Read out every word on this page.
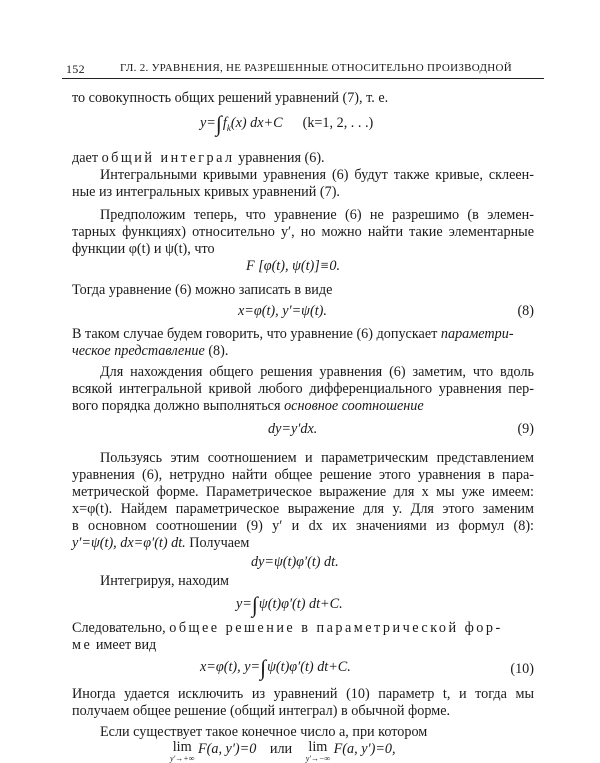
152	ГЛ. 2. УРАВНЕНИЯ, НЕ РАЗРЕШЕННЫЕ ОТНОСИТЕЛЬНО ПРОИЗВОДНОЙ
то совокупность общих решений уравнений (7), т. е.
$y=\int f_k(x)$ dx+C (k=1, 2, . . .)
дает общий интеграл уравнения (6).
Интегральными кривыми уравнения (6) будут также кривые, склеен-
ные из интегральных кривых уравнений (7).
Предположим теперь, что уравнение (6) не разрешимо (в элемен-
тарных функциях) относительно y′, но можно найти такие элементарные
функции φ(t) и ψ(t), что
F [φ(t), ψ(t)]≡0.
Тогда уравнение (6) можно записать в виде
x=φ(t), y′=ψ(t).	(8)
В таком случае будем говорить, что уравнение (6) допускает параметри-
ческое представление (8).
Для нахождения общего решения уравнения (6) заметим, что вдоль
всякой интегральной кривой любого дифференциального уравнения пер-
вого порядка должно выполняться основное соотношение
dy=y′dx.	(9)
Пользуясь этим соотношением и параметрическим представлением
уравнения (6), нетрудно найти общее решение этого уравнения в пара-
метрической форме. Параметрическое выражение для x мы уже имеем:
x=φ(t). Найдем параметрическое выражение для y. Для этого заменим
в основном соотношении (9) y′ и dx их значениями из формул (8):
y′=ψ(t), dx=φ′(t) dt. Получаем
dy=ψ(t)φ′(t) dt.
Интегрируя, находим
y=∫ψ(t)φ′(t) dt+C.
Следовательно, общее решение в параметрической фор-
ме имеет вид
x=φ(t), y=∫ψ(t)φ′(t) dt+C.	(10)
Иногда удается исключить из уравнений (10) параметр t, и тогда мы
получаем общее решение (общий интеграл) в обычной форме.
Если существует такое конечное число a, при котором
lim
y′→+∞
F(a, y′)=0 или lim
y′→−∞
F(a, y′)=0,
